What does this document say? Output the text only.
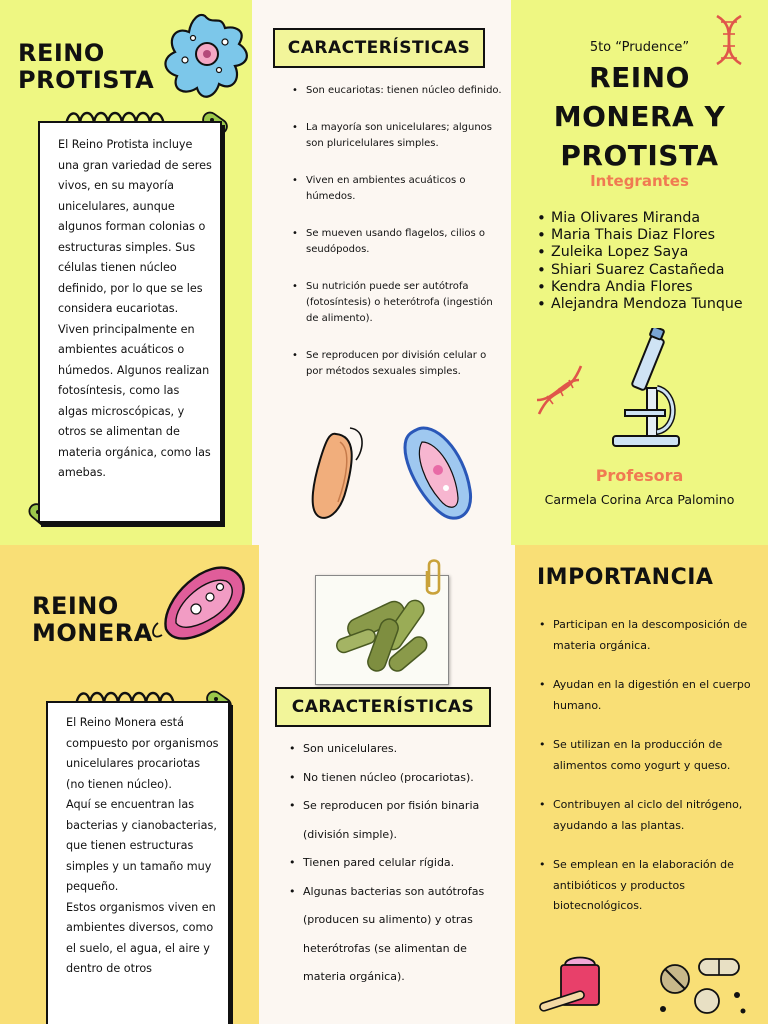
REINO
PROTISTA

El Reino Protista incluye una gran variedad de seres vivos, en su mayoría unicelulares, aunque algunos forman colonias o estructuras simples. Sus células tienen núcleo definido, por lo que se les considera eucariotas.

Viven principalmente en ambientes acuáticos o húmedos. Algunos realizan fotosíntesis, como las algas microscópicas, y otros se alimentan de materia orgánica, como las amebas.

CARACTERÍSTICAS
• Son eucariotas: tienen núcleo definido.
• La mayoría son unicelulares; algunos son pluricelulares simples.
• Viven en ambientes acuáticos o húmedos.
• Se mueven usando flagelos, cilios o seudópodos.
• Su nutrición puede ser autótrofa (fotosíntesis) o heterótrofa (ingestión de alimento).
• Se reproducen por división celular o por métodos sexuales simples.
5to “Prudence”
REINO
MONERA Y
PROTISTA
Integrantes
• Mia Olivares Miranda
• Maria Thais Diaz Flores
• Zuleika Lopez Saya
• Shiari Suarez Castañeda
• Kendra Andia Flores
• Alejandra Mendoza Tunque
Profesora
Carmela Corina Arca Palomino
REINO
MONERA

El Reino Monera está compuesto por organismos unicelulares procariotas (no tienen núcleo).

Aquí se encuentran las bacterias y cianobacterias, que tienen estructuras simples y un tamaño muy pequeño.

Estos organismos viven en ambientes diversos, como el suelo, el agua, el aire y dentro de otros

CARACTERÍSTICAS
• Son unicelulares.
• No tienen núcleo (procariotas).
• Se reproducen por fisión binaria (división simple).
• Tienen pared celular rígida.
• Algunas bacterias son autótrofas (producen su alimento) y otras heterótrofas (se alimentan de materia orgánica).
IMPORTANCIA
• Participan en la descomposición de materia orgánica.
• Ayudan en la digestión en el cuerpo humano.
• Se utilizan en la producción de alimentos como yogurt y queso.
• Contribuyen al ciclo del nitrógeno, ayudando a las plantas.
• Se emplean en la elaboración de antibióticos y productos biotecnológicos.
